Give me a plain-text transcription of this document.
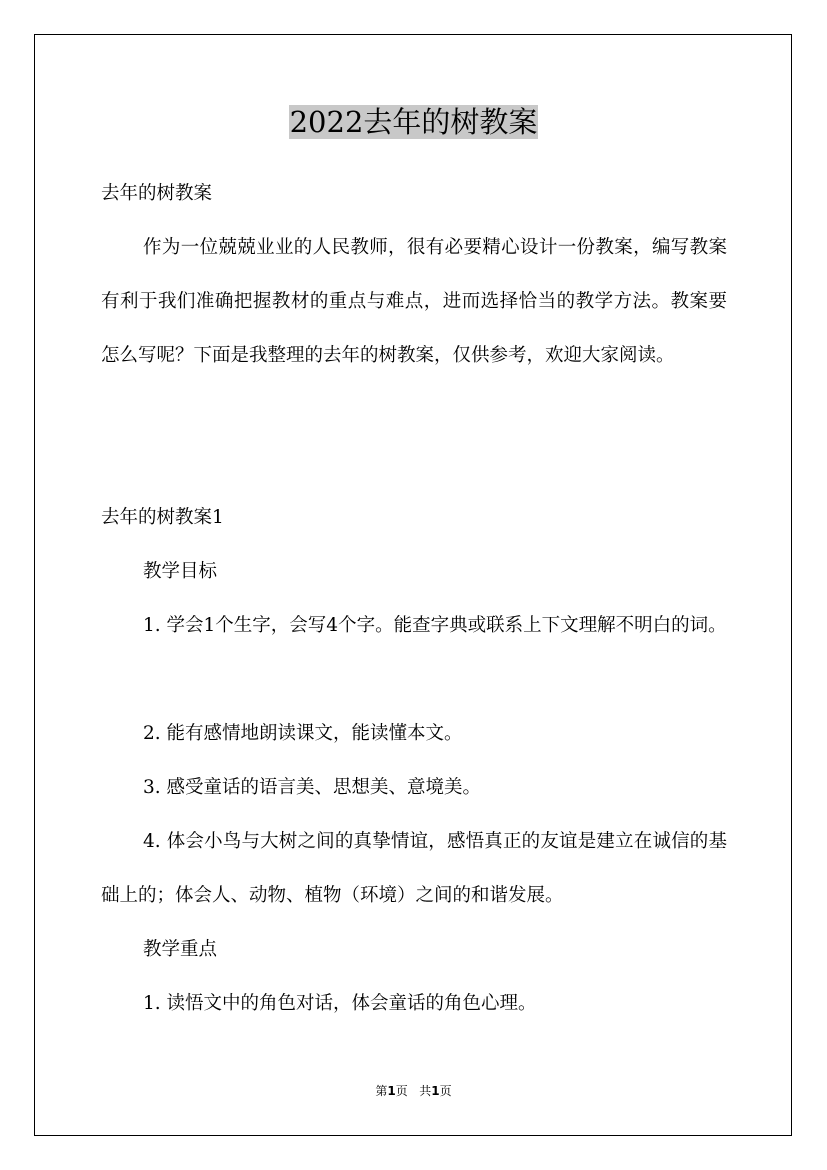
2022去年的树教案

去年的树教案

作为一位兢兢业业的人民教师，很有必要精心设计一份教案，编写教案有利于我们准确把握教材的重点与难点，进而选择恰当的教学方法。教案要怎么写呢？下面是我整理的去年的树教案，仅供参考，欢迎大家阅读。

去年的树教案1

教学目标

1. 学会1个生字，会写4个字。能查字典或联系上下文理解不明白的词。

2. 能有感情地朗读课文，能读懂本文。

3. 感受童话的语言美、思想美、意境美。

4. 体会小鸟与大树之间的真挚情谊，感悟真正的友谊是建立在诚信的基础上的；体会人、动物、植物（环境）之间的和谐发展。

教学重点

1. 读悟文中的角色对话，体会童话的角色心理。

第1页   共1页
